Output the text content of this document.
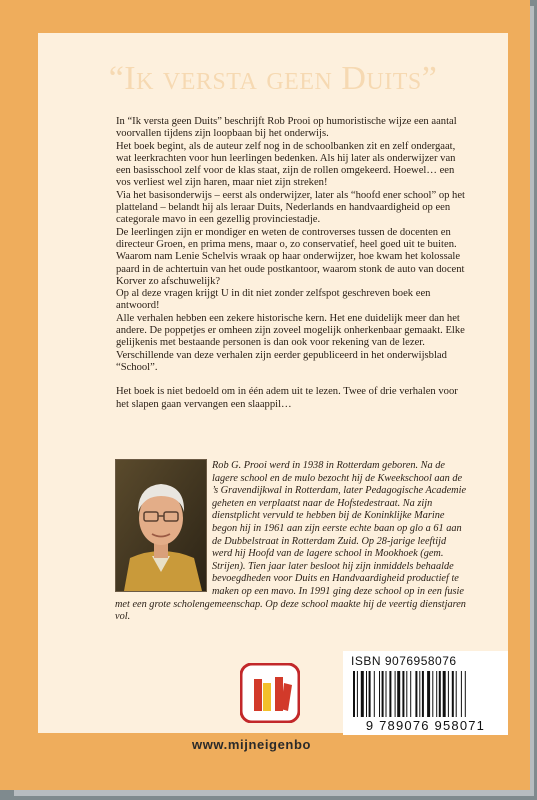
“Ik versta geen Duits”

In “Ik versta geen Duits” beschrijft Rob Prooi op humoristische wijze een aantal voorvallen tijdens zijn loopbaan bij het onderwijs.

Het boek begint, als de auteur zelf nog in de schoolbanken zit en zelf ondergaat, wat leerkrachten voor hun leerlingen bedenken. Als hij later als onderwijzer van een basisschool zelf voor de klas staat, zijn de rollen omgekeerd. Hoewel… een vos verliest wel zijn haren, maar niet zijn streken!

Via het basisonderwijs – eerst als onderwijzer, later als “hoofd ener school” op het platteland – belandt hij als leraar Duits, Nederlands en handvaardigheid op een categorale mavo in een gezellig provinciestadje.

De leerlingen zijn er mondiger en weten de controverses tussen de docenten en directeur Groen, en prima mens, maar o, zo conservatief, heel goed uit te buiten.

Waarom nam Lenie Schelvis wraak op haar onderwijzer, hoe kwam het kolossale paard in de achtertuin van het oude postkantoor, waarom stonk de auto van docent Korver zo afschuwelijk?

Op al deze vragen krijgt U in dit niet zonder zelfspot geschreven boek een antwoord!

Alle verhalen hebben een zekere historische kern. Het ene duidelijk meer dan het andere. De poppetjes er omheen zijn zoveel mogelijk onherkenbaar gemaakt. Elke gelijkenis met bestaande personen is dan ook voor rekening van de lezer.

Verschillende van deze verhalen zijn eerder gepubliceerd in het onderwijsblad “School”.

Het boek is niet bedoeld om in één adem uit te lezen. Twee of drie verhalen voor het slapen gaan vervangen een slaappil…

Rob G. Prooi werd in 1938 in Rotterdam geboren. Na de lagere school en de mulo bezocht hij de Kweekschool aan de ’s Gravendijkwal in Rotterdam, later Pedagogische Academie geheten en verplaatst naar de Hofstedestraat. Na zijn dienstplicht vervuld te hebben bij de Koninklijke Marine begon hij in 1961 aan zijn eerste echte baan op glo a 61 aan de Dubbelstraat in Rotterdam Zuid. Op 28-jarige leeftijd werd hij Hoofd van de lagere school in Mookhoek (gem. Strijen). Tien jaar later besloot hij zijn inmiddels behaalde bevoegdheden voor Duits en Handvaardigheid productief te maken op een mavo. In 1991 ging deze school op in een fusie met een grote scholengemeenschap. Op deze school maakte hij de veertig dienstjaren vol.
www.mijneigenbo
ISBN 9076958076
9 789076 958071
